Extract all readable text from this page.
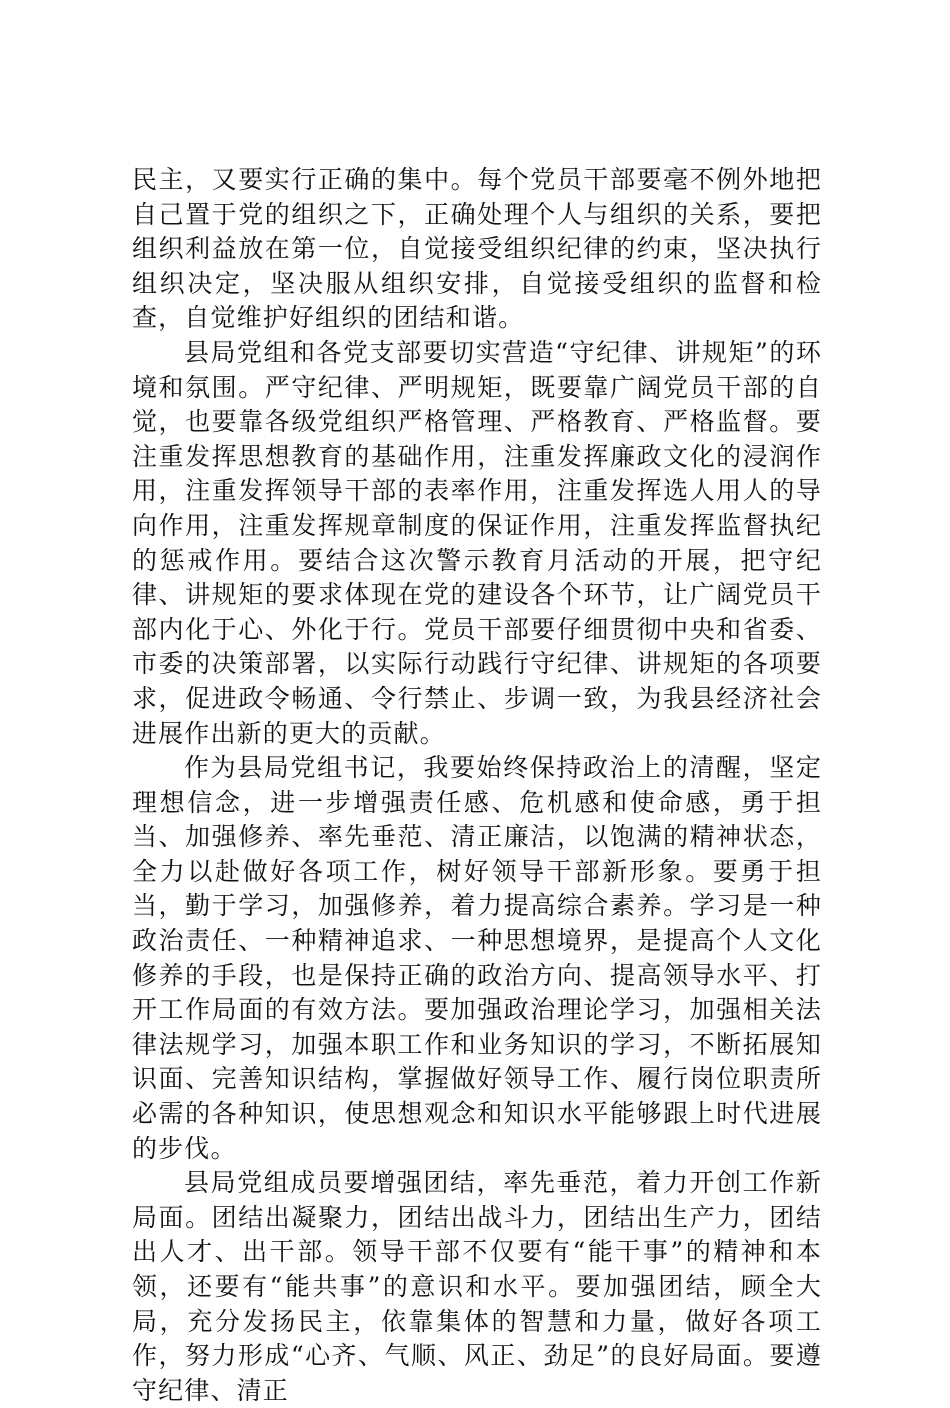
民主，又要实行正确的集中。每个党员干部要毫不例外地把自己置于党的组织之下，正确处理个人与组织的关系，要把组织利益放在第一位，自觉接受组织纪律的约束，坚决执行组织决定，坚决服从组织安排，自觉接受组织的监督和检查，自觉维护好组织的团结和谐。

县局党组和各党支部要切实营造“守纪律、讲规矩”的环境和氛围。严守纪律、严明规矩，既要靠广阔党员干部的自觉，也要靠各级党组织严格管理、严格教育、严格监督。要注重发挥思想教育的基础作用，注重发挥廉政文化的浸润作用，注重发挥领导干部的表率作用，注重发挥选人用人的导向作用，注重发挥规章制度的保证作用，注重发挥监督执纪的惩戒作用。要结合这次警示教育月活动的开展，把守纪律、讲规矩的要求体现在党的建设各个环节，让广阔党员干部内化于心、外化于行。党员干部要仔细贯彻中央和省委、市委的决策部署，以实际行动践行守纪律、讲规矩的各项要求，促进政令畅通、令行禁止、步调一致，为我县经济社会进展作出新的更大的贡献。

作为县局党组书记，我要始终保持政治上的清醒，坚定理想信念，进一步增强责任感、危机感和使命感，勇于担当、加强修养、率先垂范、清正廉洁，以饱满的精神状态，全力以赴做好各项工作，树好领导干部新形象。要勇于担当，勤于学习，加强修养，着力提高综合素养。学习是一种政治责任、一种精神追求、一种思想境界，是提高个人文化修养的手段，也是保持正确的政治方向、提高领导水平、打开工作局面的有效方法。要加强政治理论学习，加强相关法律法规学习，加强本职工作和业务知识的学习，不断拓展知识面、完善知识结构，掌握做好领导工作、履行岗位职责所必需的各种知识，使思想观念和知识水平能够跟上时代进展的步伐。

县局党组成员要增强团结，率先垂范，着力开创工作新局面。团结出凝聚力，团结出战斗力，团结出生产力，团结出人才、出干部。领导干部不仅要有“能干事”的精神和本领，还要有“能共事”的意识和水平。要加强团结，顾全大局，充分发扬民主，依靠集体的智慧和力量，做好各项工作，努力形成“心齐、气顺、风正、劲足”的良好局面。要遵守纪律、清正
